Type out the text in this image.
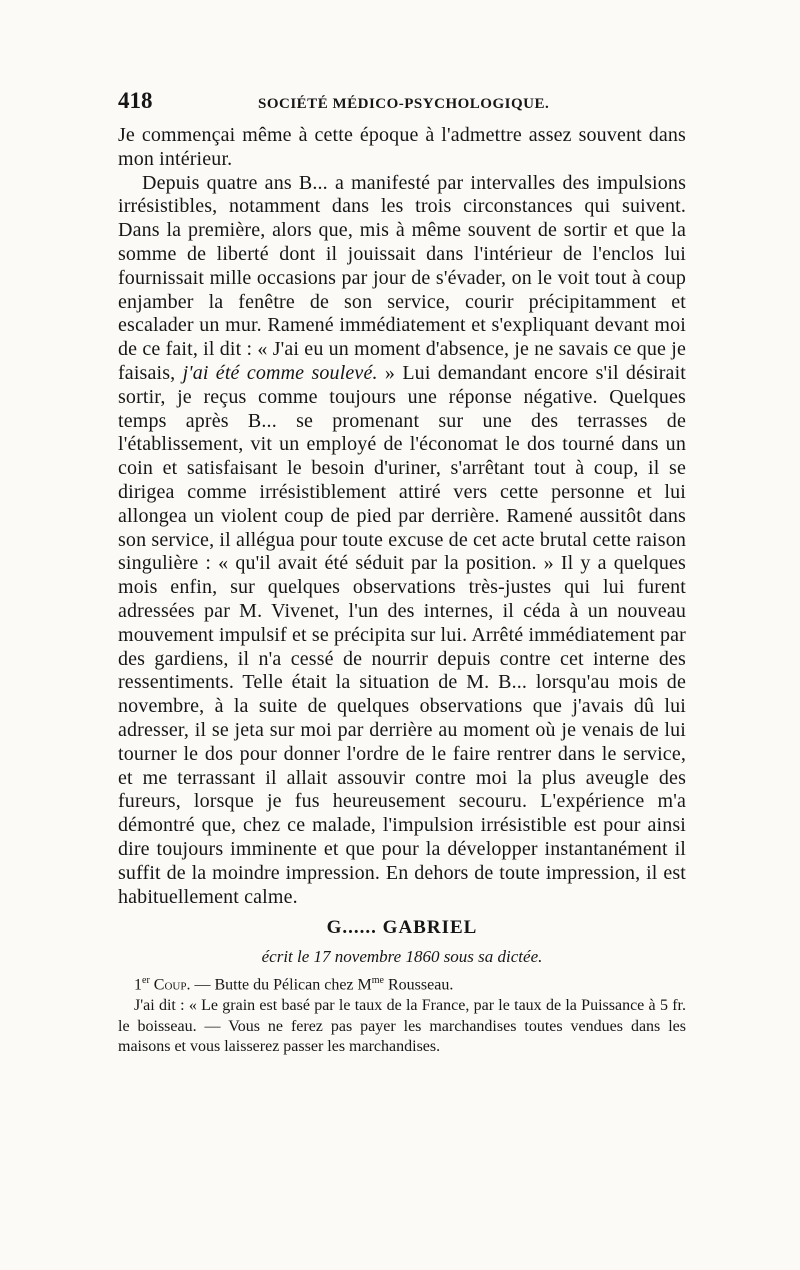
418	SOCIÉTÉ MÉDICO-PSYCHOLOGIQUE.

Je commençai même à cette époque à l'admettre assez souvent dans mon intérieur.

Depuis quatre ans B... a manifesté par intervalles des impulsions irrésistibles, notamment dans les trois circonstances qui suivent. Dans la première, alors que, mis à même souvent de sortir et que la somme de liberté dont il jouissait dans l'intérieur de l'enclos lui fournissait mille occasions par jour de s'évader, on le voit tout à coup enjamber la fenêtre de son service, courir précipitamment et escalader un mur. Ramené immédiatement et s'expliquant devant moi de ce fait, il dit : « J'ai eu un moment d'absence, je ne savais ce que je faisais, j'ai été comme soulevé. » Lui demandant encore s'il désirait sortir, je reçus comme toujours une réponse négative. Quelques temps après B... se promenant sur une des terrasses de l'établissement, vit un employé de l'économat le dos tourné dans un coin et satisfaisant le besoin d'uriner, s'arrêtant tout à coup, il se dirigea comme irrésistiblement attiré vers cette personne et lui allongea un violent coup de pied par derrière. Ramené aussitôt dans son service, il allégua pour toute excuse de cet acte brutal cette raison singulière : « qu'il avait été séduit par la position. » Il y a quelques mois enfin, sur quelques observations très-justes qui lui furent adressées par M. Vivenet, l'un des internes, il céda à un nouveau mouvement impulsif et se précipita sur lui. Arrêté immédiatement par des gardiens, il n'a cessé de nourrir depuis contre cet interne des ressentiments. Telle était la situation de M. B... lorsqu'au mois de novembre, à la suite de quelques observations que j'avais dû lui adresser, il se jeta sur moi par derrière au moment où je venais de lui tourner le dos pour donner l'ordre de le faire rentrer dans le service, et me terrassant il allait assouvir contre moi la plus aveugle des fureurs, lorsque je fus heureusement secouru. L'expérience m'a démontré que, chez ce malade, l'impulsion irrésistible est pour ainsi dire toujours imminente et que pour la développer instantanément il suffit de la moindre impression. En dehors de toute impression, il est habituellement calme.

G...... GABRIEL
écrit le 17 novembre 1860 sous sa dictée.

1er Coup. — Butte du Pélican chez $M^{me}$ Rousseau.

J'ai dit : « Le grain est basé par le taux de la France, par le taux de la Puissance à 5 fr. le boisseau. — Vous ne ferez pas payer les marchandises toutes vendues dans les maisons et vous laisserez passer les marchandises.
